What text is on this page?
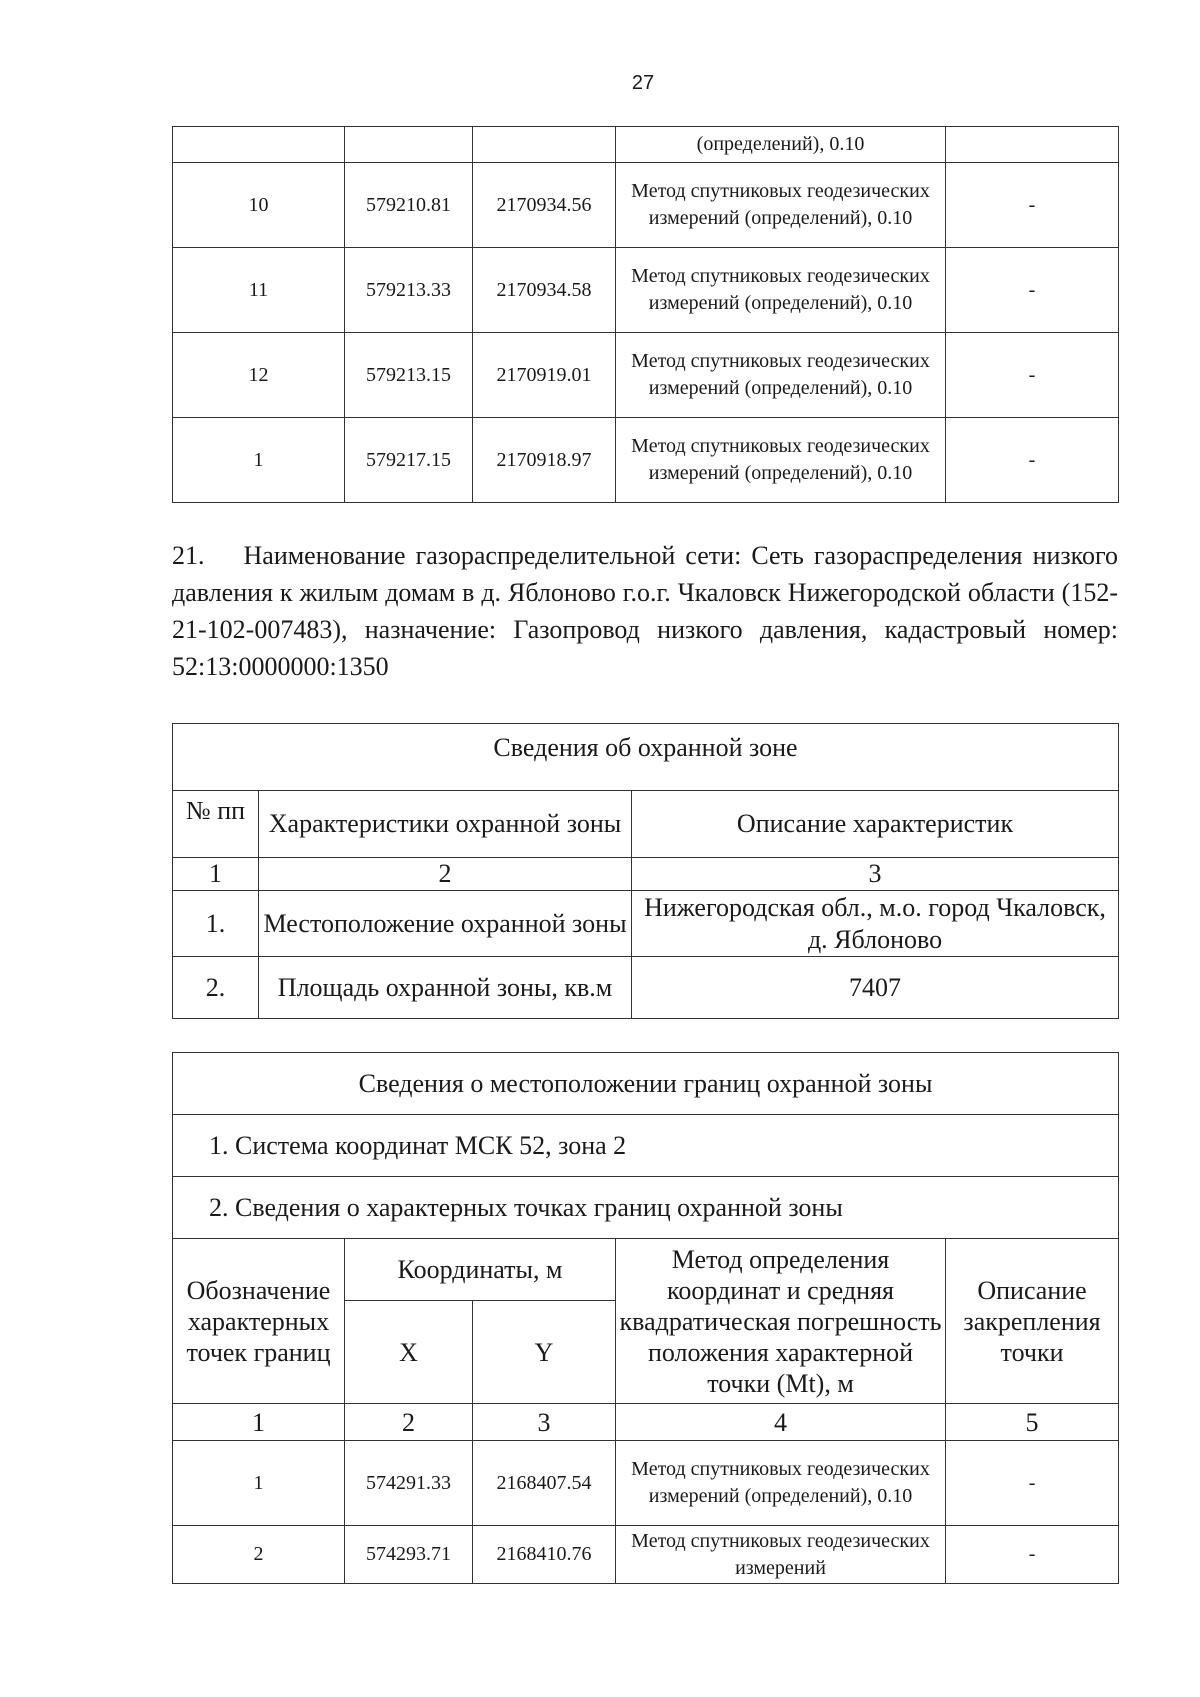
27
			(определений), 0.10	
10	579210.81	2170934.56	Метод спутниковых геодезических измерений (определений), 0.10	-
11	579213.33	2170934.58	Метод спутниковых геодезических измерений (определений), 0.10	-
12	579213.15	2170919.01	Метод спутниковых геодезических измерений (определений), 0.10	-
1	579217.15	2170918.97	Метод спутниковых геодезических измерений (определений), 0.10	-
21.  Наименование газораспределительной сети: Сеть газораспределения низкого давления к жилым домам в д. Яблоново г.о.г. Чкаловск Нижегородской области (152-21-102-007483), назначение: Газопровод низкого давления, кадастровый номер: 52:13:0000000:1350
Сведения об охранной зоне		
№ пп	Характеристики охранной зоны	Описание характеристик
1	2	3
1.	Местоположение охранной зоны	Нижегородская обл., м.о. город Чкаловск, д. Яблоново
2.	Площадь охранной зоны, кв.м	7407
Сведения о местоположении границ охранной зоны				
1. Система координат МСК 52, зона 2				
2. Сведения о характерных точках границ охранной зоны				
Обозначение характерных точек границ	Координаты, м		Метод определения координат и средняя квадратическая погрешность положения характерной точки (Mt), м	Описание закрепления точки
	X	Y		
1	2	3	4	5
1	574291.33	2168407.54	Метод спутниковых геодезических измерений (определений), 0.10	-
2	574293.71	2168410.76	Метод спутниковых геодезических измерений	-
